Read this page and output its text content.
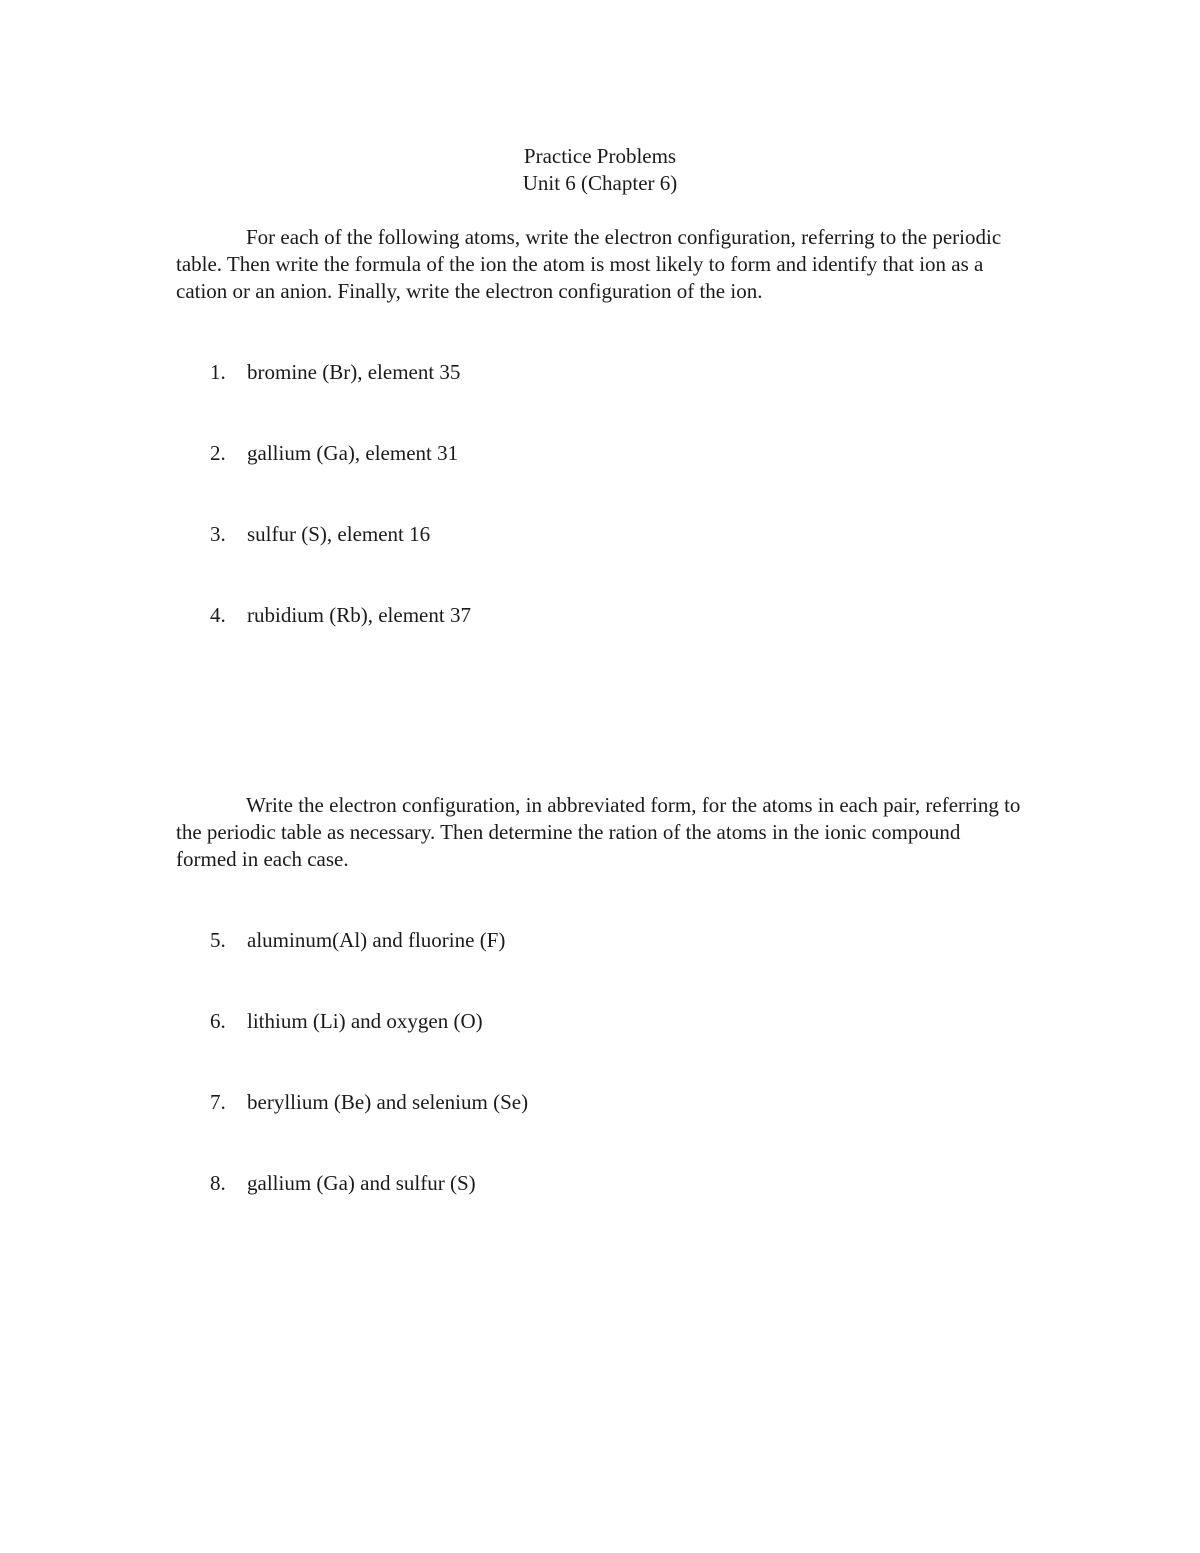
Practice Problems
Unit 6 (Chapter 6)

For each of the following atoms, write the electron configuration, referring to the periodic table. Then write the formula of the ion the atom is most likely to form and identify that ion as a cation or an anion. Finally, write the electron configuration of the ion.

1. bromine (Br), element 35
2. gallium (Ga), element 31
3. sulfur (S), element 16
4. rubidium (Rb), element 37

Write the electron configuration, in abbreviated form, for the atoms in each pair, referring to the periodic table as necessary. Then determine the ration of the atoms in the ionic compound formed in each case.

5. aluminum(Al) and fluorine (F)
6. lithium (Li) and oxygen (O)
7. beryllium (Be) and selenium (Se)
8. gallium (Ga) and sulfur (S)
